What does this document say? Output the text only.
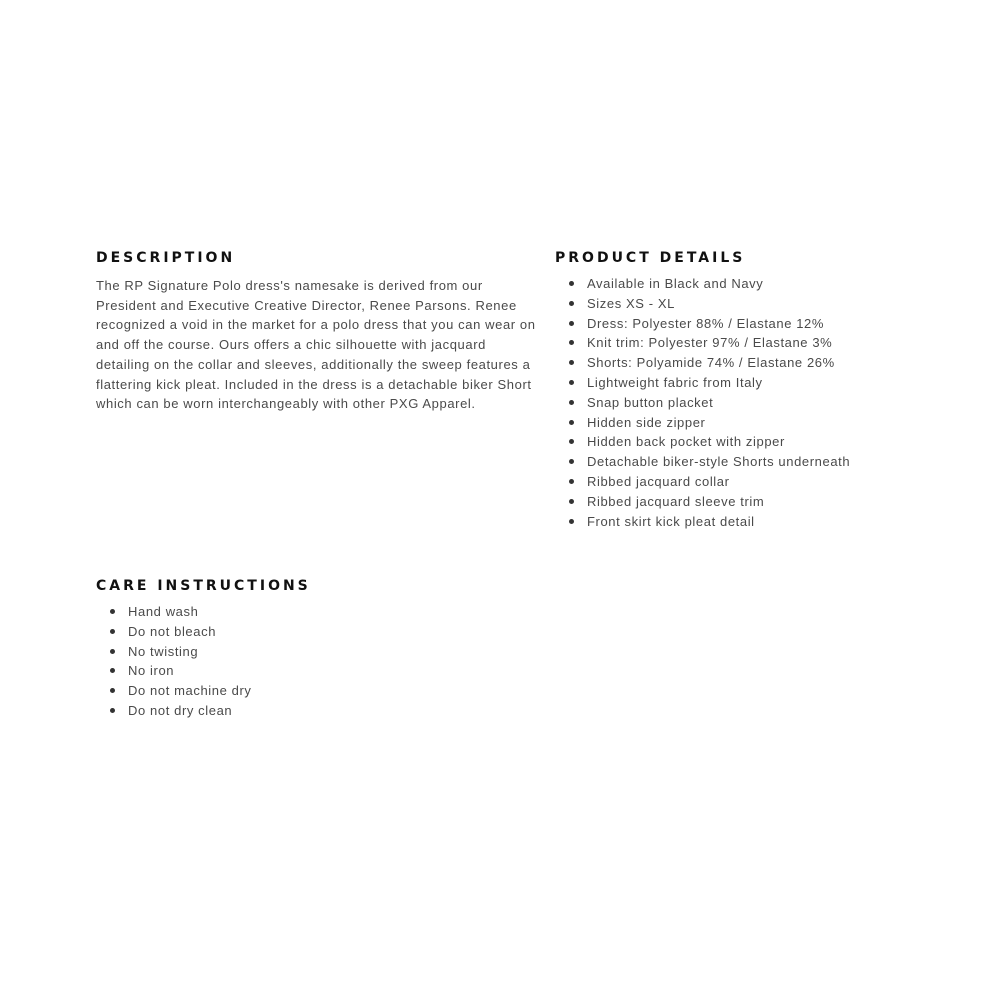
DESCRIPTION

The RP Signature Polo dress's namesake is derived from our President and Executive Creative Director, Renee Parsons. Renee recognized a void in the market for a polo dress that you can wear on and off the course. Ours offers a chic silhouette with jacquard detailing on the collar and sleeves, additionally the sweep features a flattering kick pleat. Included in the dress is a detachable biker Short which can be worn interchangeably with other PXG Apparel.

PRODUCT DETAILS
Available in Black and Navy
Sizes XS - XL
Dress: Polyester 88% / Elastane 12%
Knit trim: Polyester 97% / Elastane 3%
Shorts: Polyamide 74% / Elastane 26%
Lightweight fabric from Italy
Snap button placket
Hidden side zipper
Hidden back pocket with zipper
Detachable biker-style Shorts underneath
Ribbed jacquard collar
Ribbed jacquard sleeve trim
Front skirt kick pleat detail
CARE INSTRUCTIONS
Hand wash
Do not bleach
No twisting
No iron
Do not machine dry
Do not dry clean
